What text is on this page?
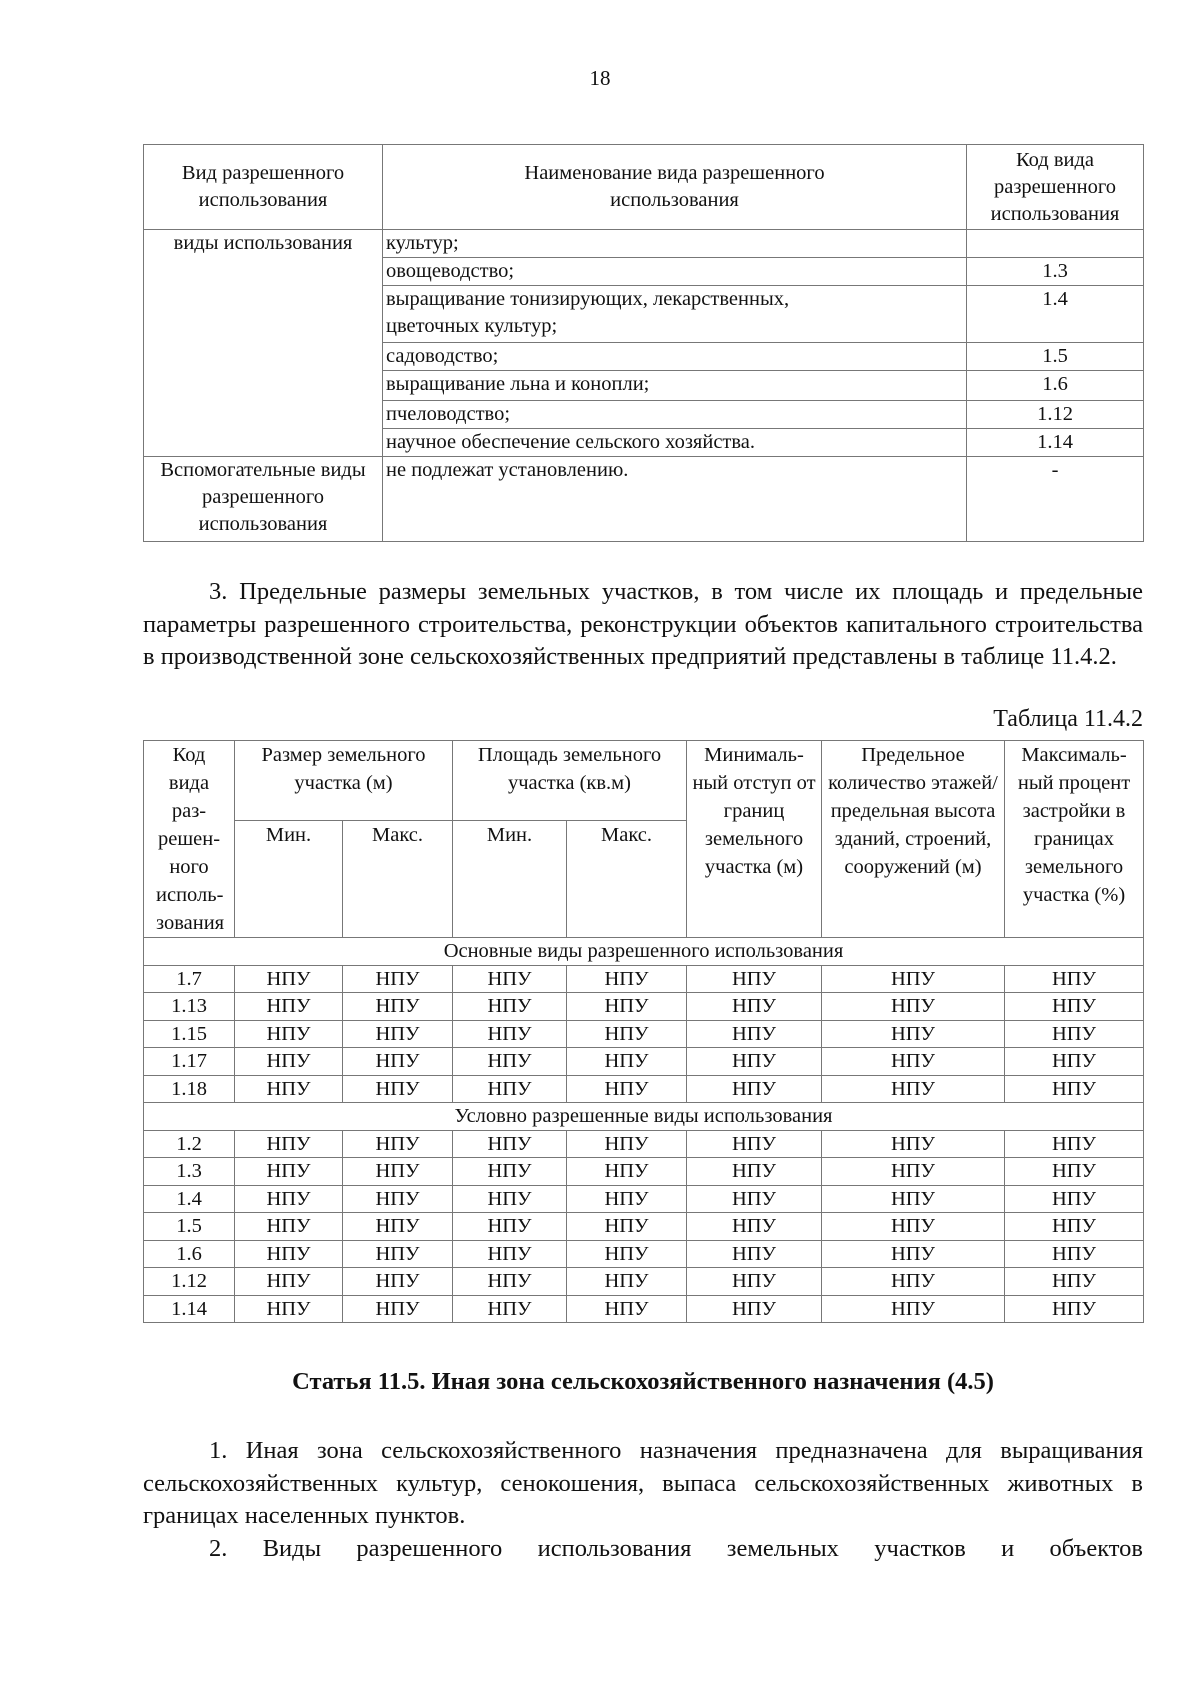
18
Вид разрешенного использования	Наименование вида разрешенного использования	Код вида разрешенного использования
виды использования	культур;	
	овощеводство;	1.3
	выращивание тонизирующих, лекарственных, цветочных культур;	1.4
	садоводство;	1.5
	выращивание льна и конопли;	1.6
	пчеловодство;	1.12
	научное обеспечение сельского хозяйства.	1.14
Вспомогательные виды разрешенного использования	не подлежат установлению.	-

3. Предельные размеры земельных участков, в том числе их площадь и предельные параметры разрешенного строительства, реконструкции объектов капитального строительства в производственной зоне сельскохозяйственных предприятий представлены в таблице 11.4.2.

Таблица 11.4.2
Код вида раз-решен-ного исполь-зования	Размер земельного участка (м)		Площадь земельного участка (кв.м)		Минималь-ный отступ от границ земельного участка (м)	Предельное количество этажей/ предельная высота зданий, строений, сооружений (м)	Максималь-ный процент застройки в границах земельного участка (%)
	Мин.	Макс.	Мин.	Макс.			
Основные виды разрешенного использования							
1.7	НПУ	НПУ	НПУ	НПУ	НПУ	НПУ	НПУ
1.13	НПУ	НПУ	НПУ	НПУ	НПУ	НПУ	НПУ
1.15	НПУ	НПУ	НПУ	НПУ	НПУ	НПУ	НПУ
1.17	НПУ	НПУ	НПУ	НПУ	НПУ	НПУ	НПУ
1.18	НПУ	НПУ	НПУ	НПУ	НПУ	НПУ	НПУ
Условно разрешенные виды использования							
1.2	НПУ	НПУ	НПУ	НПУ	НПУ	НПУ	НПУ
1.3	НПУ	НПУ	НПУ	НПУ	НПУ	НПУ	НПУ
1.4	НПУ	НПУ	НПУ	НПУ	НПУ	НПУ	НПУ
1.5	НПУ	НПУ	НПУ	НПУ	НПУ	НПУ	НПУ
1.6	НПУ	НПУ	НПУ	НПУ	НПУ	НПУ	НПУ
1.12	НПУ	НПУ	НПУ	НПУ	НПУ	НПУ	НПУ
1.14	НПУ	НПУ	НПУ	НПУ	НПУ	НПУ	НПУ
Статья 11.5. Иная зона сельскохозяйственного назначения (4.5)

1. Иная зона сельскохозяйственного назначения предназначена для выращивания сельскохозяйственных культур, сенокошения, выпаса сельскохозяйственных животных в границах населенных пунктов.

2. Виды разрешенного использования земельных участков и объектов
